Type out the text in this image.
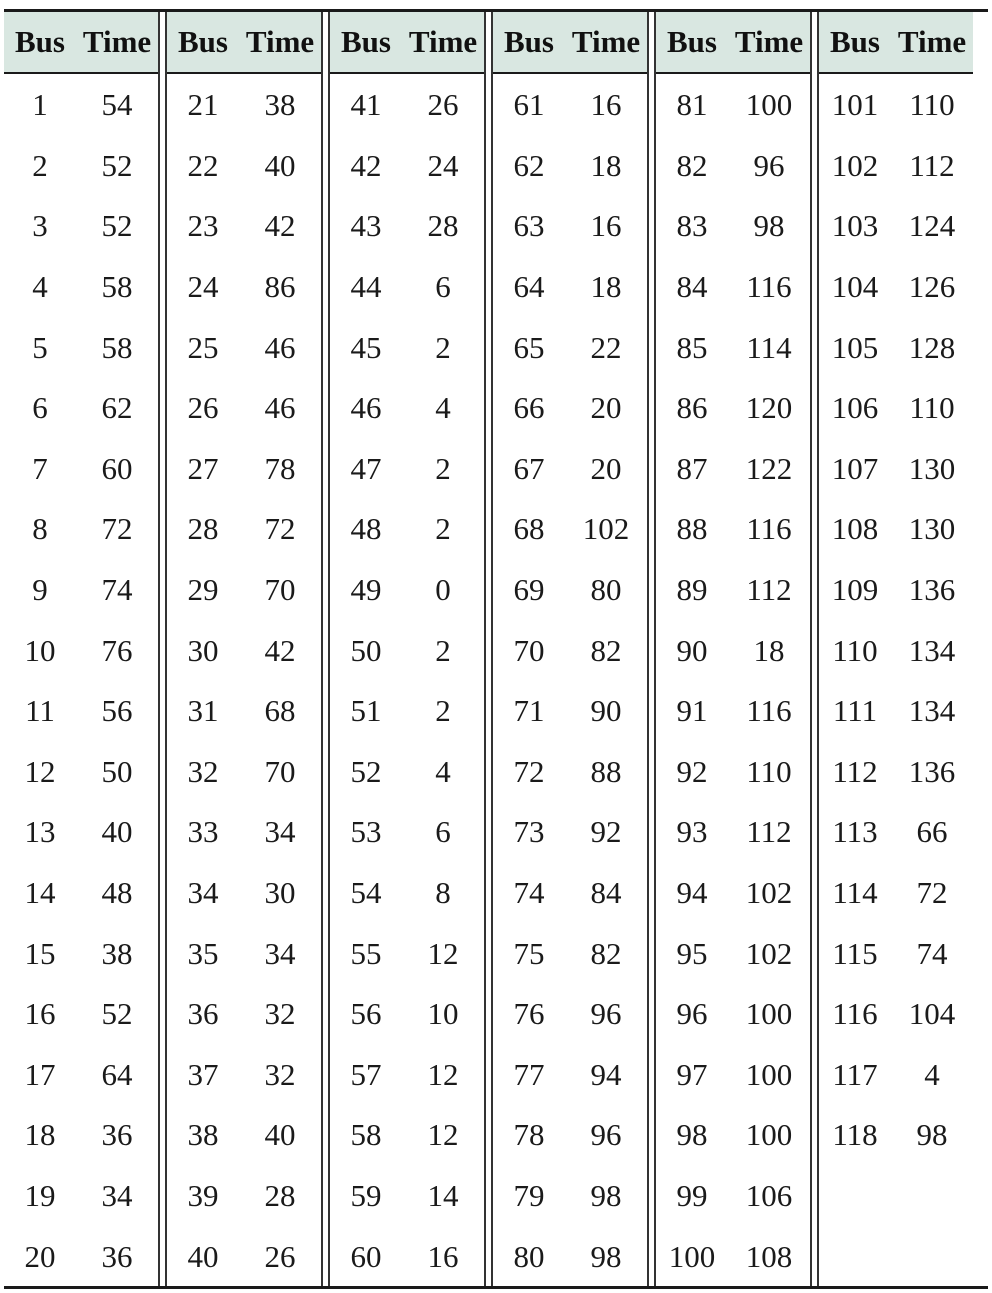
Bus Time
1	54
2	52
3	52
4	58
5	58
6	62
7	60
8	72
9	74
10	76
11	56
12	50
13	40
14	48
15	38
16	52
17	64
18	36
19	34
20	36
Bus Time
21	38
22	40
23	42
24	86
25	46
26	46
27	78
28	72
29	70
30	42
31	68
32	70
33	34
34	30
35	34
36	32
37	32
38	40
39	28
40	26
Bus Time
41	26
42	24
43	28
44	6
45	2
46	4
47	2
48	2
49	0
50	2
51	2
52	4
53	6
54	8
55	12
56	10
57	12
58	12
59	14
60	16
Bus Time
61	16
62	18
63	16
64	18
65	22
66	20
67	20
68	102
69	80
70	82
71	90
72	88
73	92
74	84
75	82
76	96
77	94
78	96
79	98
80	98
Bus Time
81	100
82	96
83	98
84	116
85	114
86	120
87	122
88	116
89	112
90	18
91	116
92	110
93	112
94	102
95	102
96	100
97	100
98	100
99	106
100 108
Bus Time
101	110
102	112
103 124
104 126
105 128
106	110
107 130
108 130
109 136
110	134
111	134
112	136
113	66
114	72
115	74
116	104
117	4
118	98
